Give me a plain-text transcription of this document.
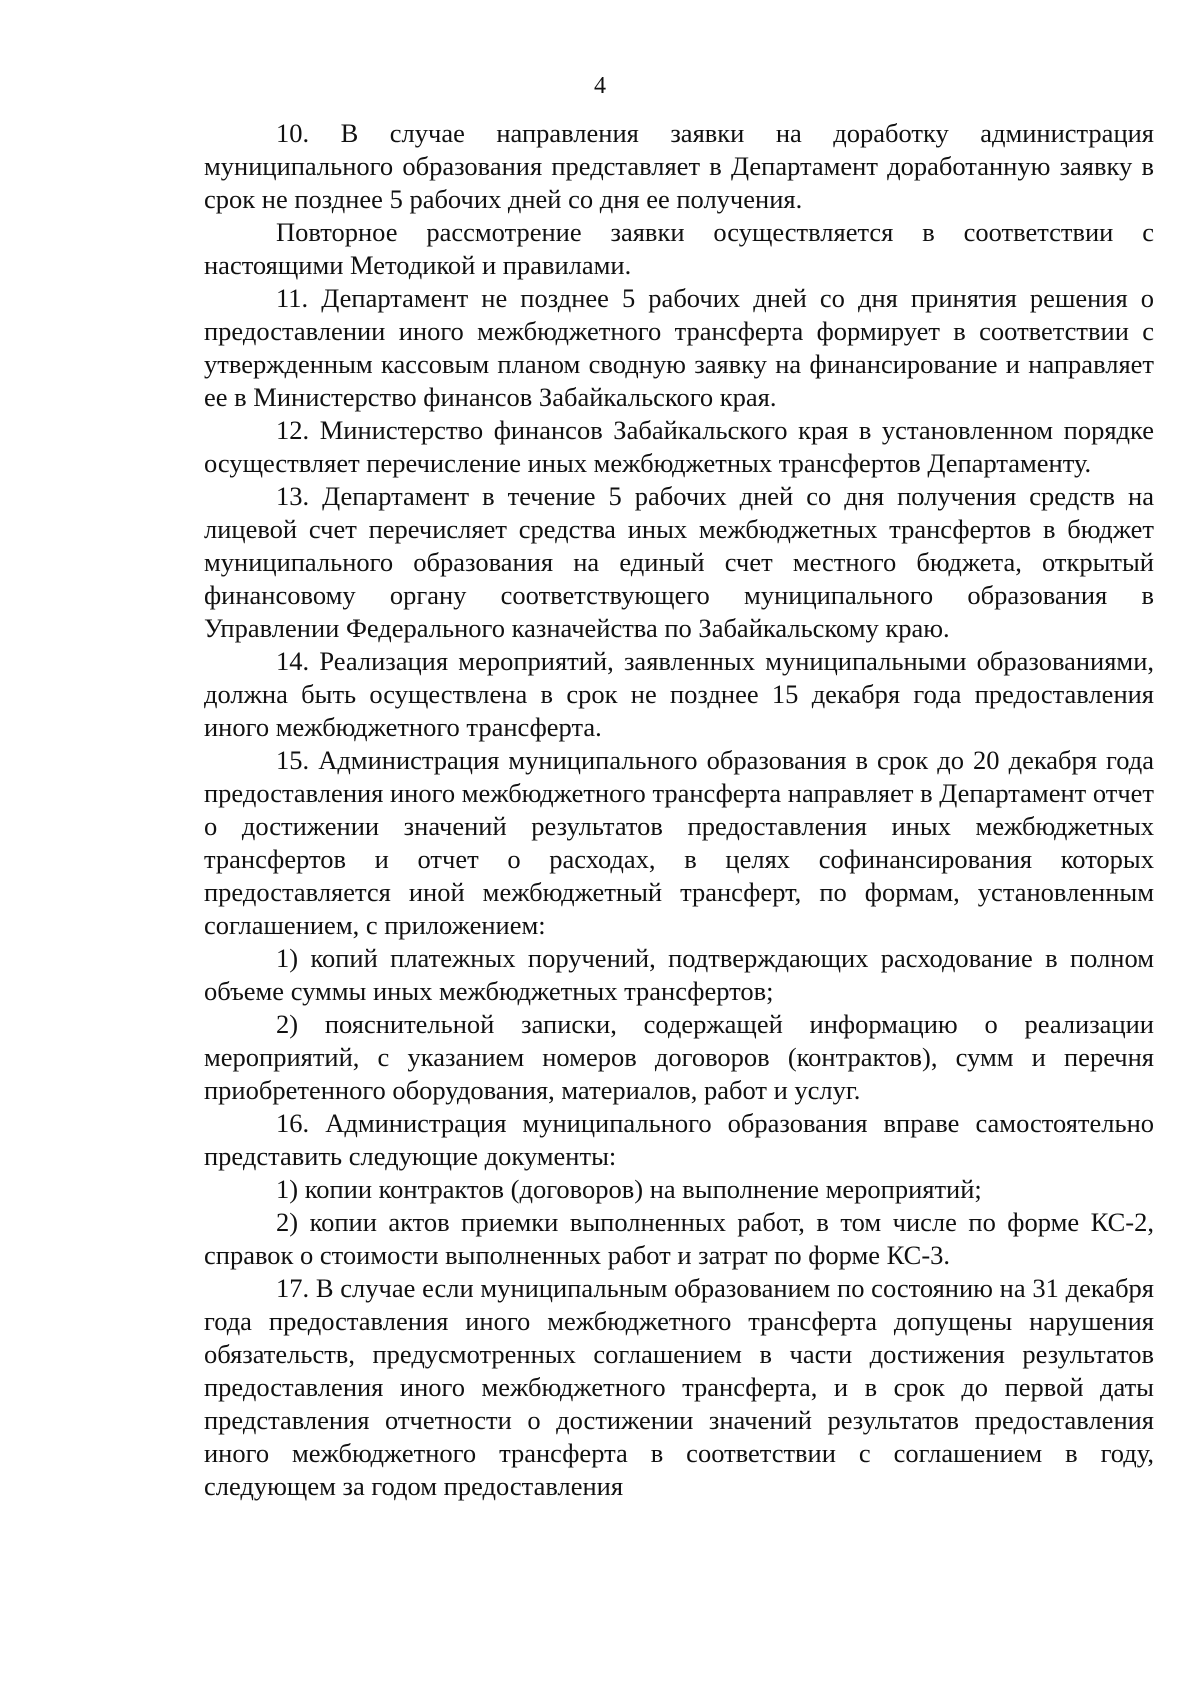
4

10. В случае направления заявки на доработку администрация муниципального образования представляет в Департамент доработанную заявку в срок не позднее 5 рабочих дней со дня ее получения.

Повторное рассмотрение заявки осуществляется в соответствии с настоящими Методикой и правилами.

11. Департамент не позднее 5 рабочих дней со дня принятия решения о предоставлении иного межбюджетного трансферта формирует в соответствии с утвержденным кассовым планом сводную заявку на финансирование и направляет ее в Министерство финансов Забайкальского края.

12. Министерство финансов Забайкальского края в установленном порядке осуществляет перечисление иных межбюджетных трансфертов Департаменту.

13. Департамент в течение 5 рабочих дней со дня получения средств на лицевой счет перечисляет средства иных межбюджетных трансфертов в бюджет муниципального образования на единый счет местного бюджета, открытый финансовому органу соответствующего муниципального образования в Управлении Федерального казначейства по Забайкальскому краю.

14. Реализация мероприятий, заявленных муниципальными образованиями, должна быть осуществлена в срок не позднее 15 декабря года предоставления иного межбюджетного трансферта.

15. Администрация муниципального образования в срок до 20 декабря года предоставления иного межбюджетного трансферта направляет в Департамент отчет о достижении значений результатов предоставления иных межбюджетных трансфертов и отчет о расходах, в целях софинансирования которых предоставляется иной межбюджетный трансферт, по формам, установленным соглашением, с приложением:

1) копий платежных поручений, подтверждающих расходование в полном объеме суммы иных межбюджетных трансфертов;

2) пояснительной записки, содержащей информацию о реализации мероприятий, с указанием номеров договоров (контрактов), сумм и перечня приобретенного оборудования, материалов, работ и услуг.

16. Администрация муниципального образования вправе самостоятельно представить следующие документы:

1) копии контрактов (договоров) на выполнение мероприятий;

2) копии актов приемки выполненных работ, в том числе по форме КС-2, справок о стоимости выполненных работ и затрат по форме КС-3.

17. В случае если муниципальным образованием по состоянию на 31 декабря года предоставления иного межбюджетного трансферта допущены нарушения обязательств, предусмотренных соглашением в части достижения результатов предоставления иного межбюджетного трансферта, и в срок до первой даты представления отчетности о достижении значений результатов предоставления иного межбюджетного трансферта в соответствии с соглашением в году, следующем за годом предоставления
